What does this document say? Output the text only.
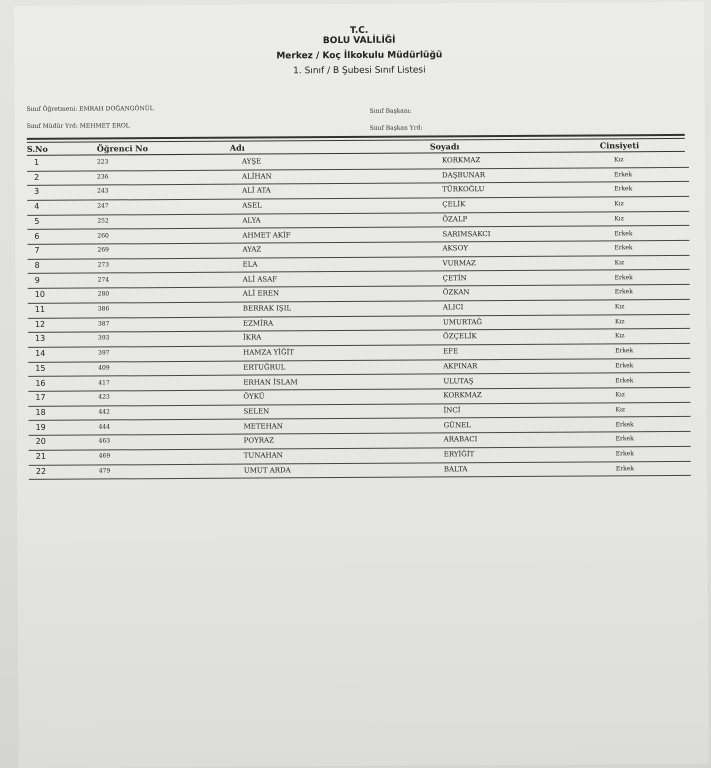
T.C.
BOLU VALİLİĞİ
Merkez / Koç İlkokulu Müdürlüğü
1. Sınıf / B Şubesi Sınıf Listesi
Sınıf Öğretmeni: EMRAH DOĞANGÖNÜL
Sınıf Müdür Yrd: MEHMET EROL
Sınıf Başkanı:
Sınıf Başkan Yrd:
S.No	Öğrenci No	Adı	Soyadı	Cinsiyeti
1	223	AYŞE	KORKMAZ	Kız
2	236	ALİHAN	DAŞBUNAR	Erkek
3	243	ALİ ATA	TÜRKOĞLU	Erkek
4	247	ASEL	ÇELİK	Kız
5	252	ALYA	ÖZALP	Kız
6	260	AHMET AKİF	SARIMSAKCI	Erkek
7	269	AYAZ	AKSOY	Erkek
8	273	ELA	VURMAZ	Kız
9	274	ALİ ASAF	ÇETİN	Erkek
10	280	ALİ EREN	ÖZKAN	Erkek
11	386	BERRAK IŞIL	ALICI	Kız
12	387	EZMİRA	UMURTAĞ	Kız
13	393	İKRA	ÖZÇELİK	Kız
14	397	HAMZA YİĞİT	EFE	Erkek
15	409	ERTUĞRUL	AKPINAR	Erkek
16	417	ERHAN İSLAM	ULUTAŞ	Erkek
17	423	ÖYKÜ	KORKMAZ	Kız
18	442	SELEN	İNCİ	Kız
19	444	METEHAN	GÜNEL	Erkek
20	463	POYRAZ	ARABACI	Erkek
21	469	TUNAHAN	ERYİĞİT	Erkek
22	479	UMUT ARDA	BALTA	Erkek
